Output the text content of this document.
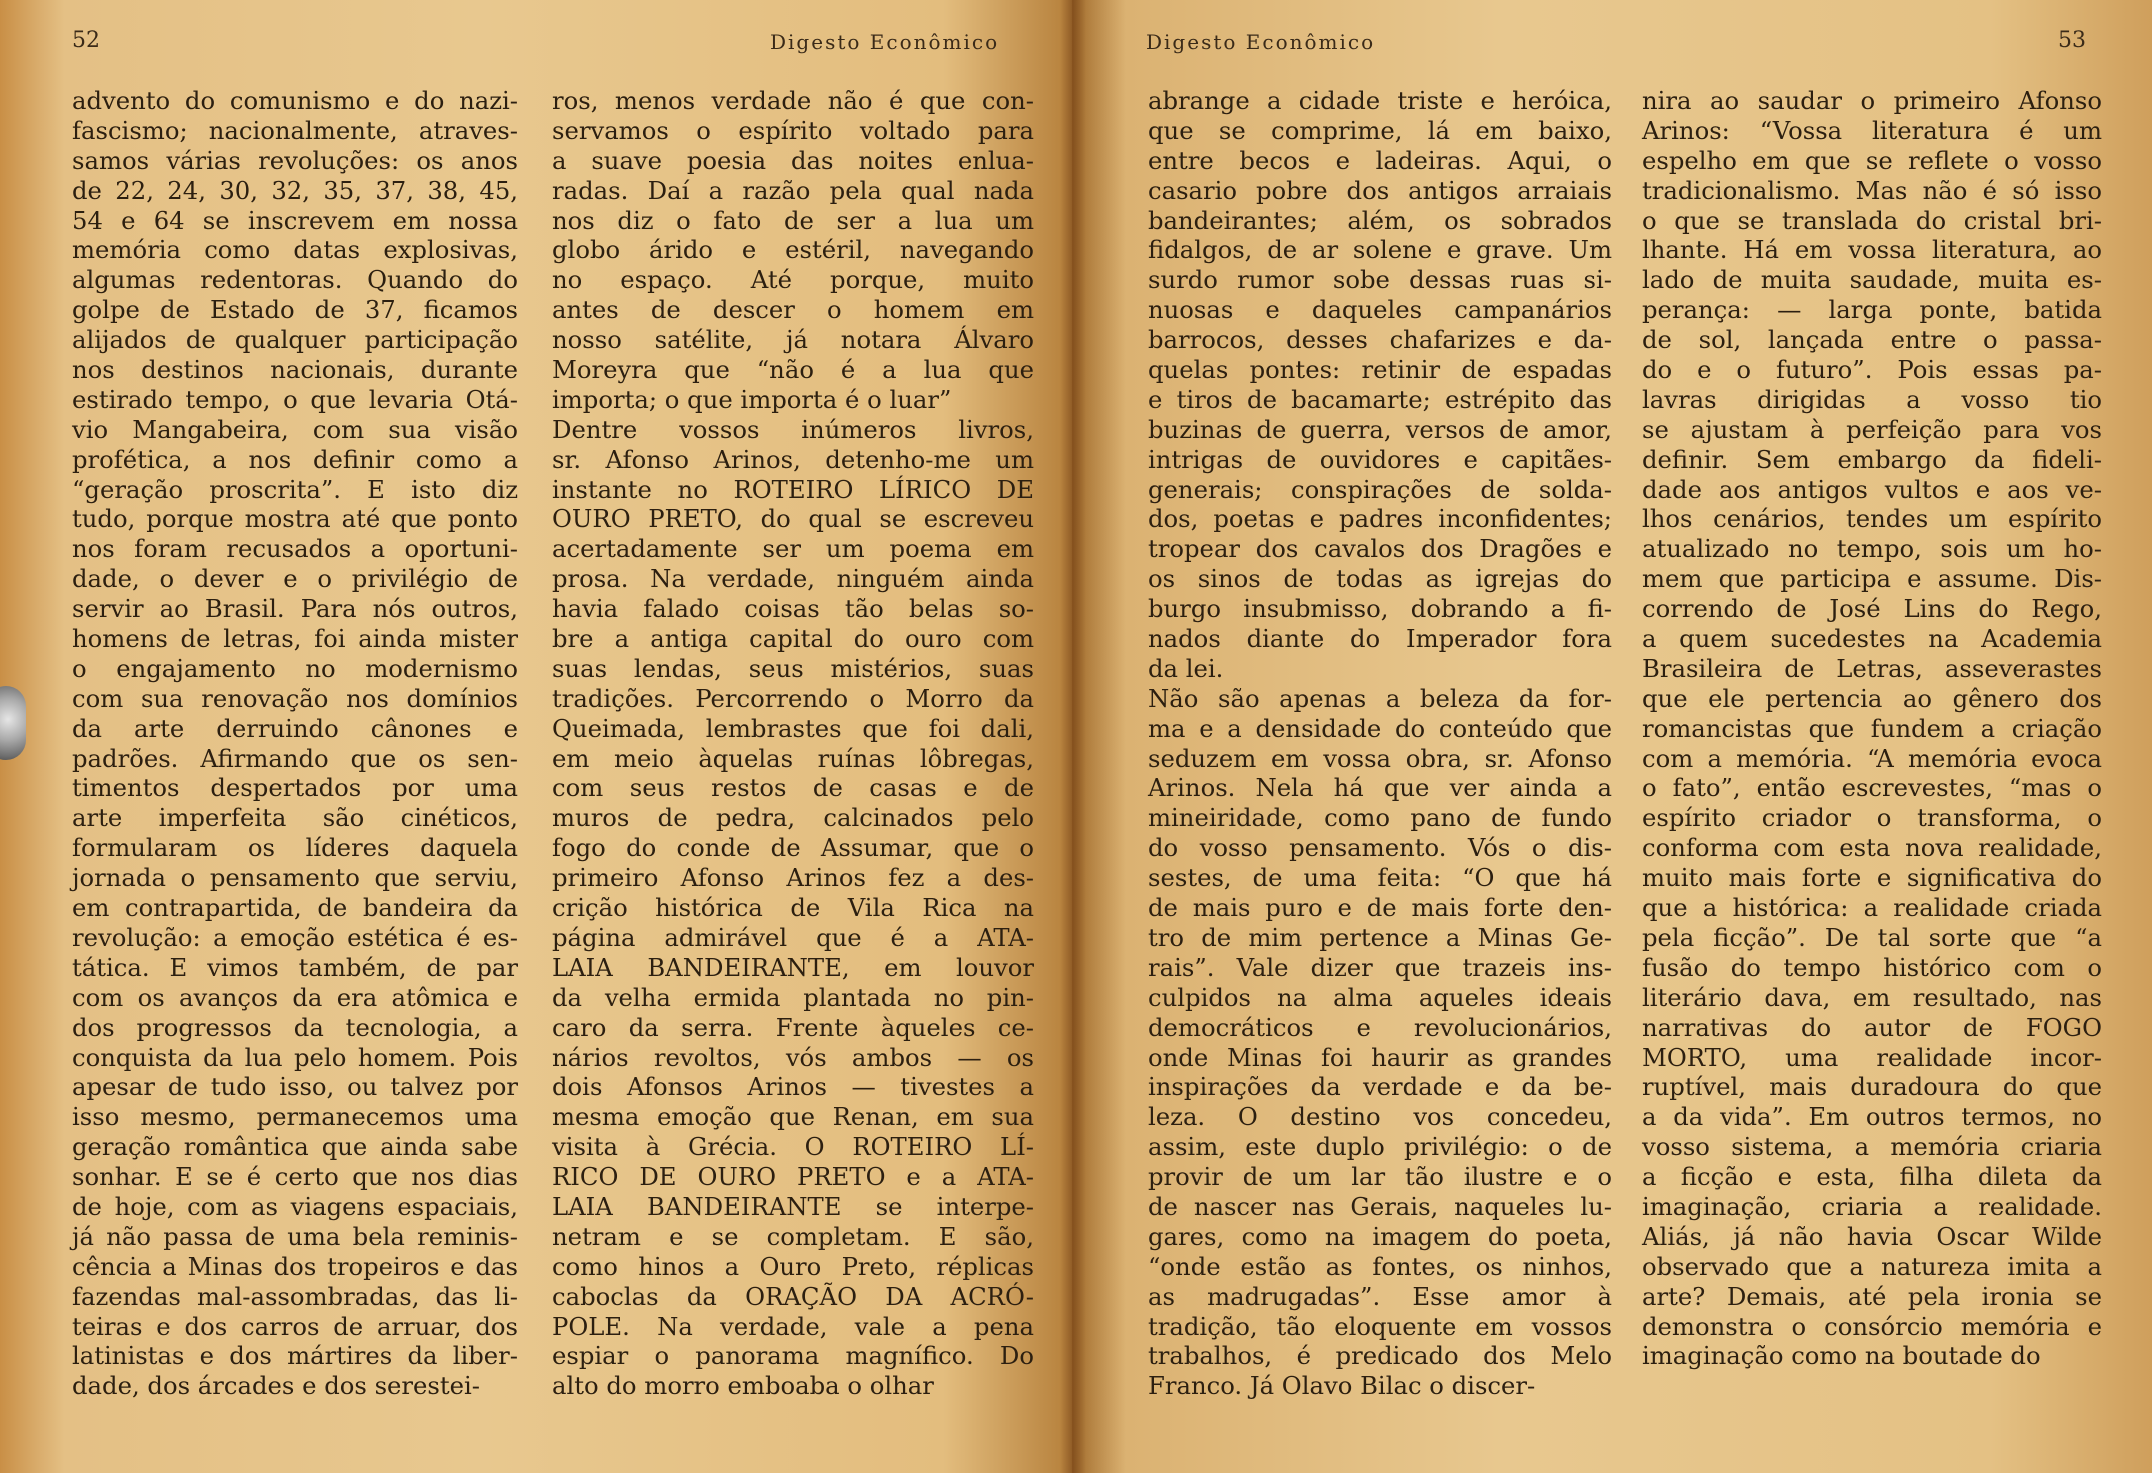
52	Digesto Econômico	Digesto Econômico	53
advento do comunismo e do nazi-
fascismo; nacionalmente, atraves-
samos várias revoluções: os anos
de 22, 24, 30, 32, 35, 37, 38, 45,
54 e 64 se inscrevem em nossa
memória como datas explosivas,
algumas redentoras. Quando do
golpe de Estado de 37, ficamos
alijados de qualquer participação
nos destinos nacionais, durante
estirado tempo, o que levaria Otá-
vio Mangabeira, com sua visão
profética, a nos definir como a
“geração proscrita”. E isto diz
tudo, porque mostra até que ponto
nos foram recusados a oportuni-
dade, o dever e o privilégio de
servir ao Brasil. Para nós outros,
homens de letras, foi ainda mister
o engajamento no modernismo
com sua renovação nos domínios
da arte derruindo cânones e
padrões. Afirmando que os sen-
timentos despertados por uma
arte imperfeita são cinéticos,
formularam os líderes daquela
jornada o pensamento que serviu,
em contrapartida, de bandeira da
revolução: a emoção estética é es-
tática. E vimos também, de par
com os avanços da era atômica e
dos progressos da tecnologia, a
conquista da lua pelo homem. Pois
apesar de tudo isso, ou talvez por
isso mesmo, permanecemos uma
geração romântica que ainda sabe
sonhar. E se é certo que nos dias
de hoje, com as viagens espaciais,
já não passa de uma bela reminis-
cência a Minas dos tropeiros e das
fazendas mal-assombradas, das li-
teiras e dos carros de arruar, dos
latinistas e dos mártires da liber-
dade, dos árcades e dos serestei-
ros, menos verdade não é que con-
servamos o espírito voltado para
a suave poesia das noites enlua-
radas. Daí a razão pela qual nada
nos diz o fato de ser a lua um
globo árido e estéril, navegando
no espaço. Até porque, muito
antes de descer o homem em
nosso satélite, já notara Álvaro
Moreyra que “não é a lua que
importa; o que importa é o luar”
Dentre vossos inúmeros livros,
sr. Afonso Arinos, detenho-me um
instante no ROTEIRO LÍRICO DE
OURO PRETO, do qual se escreveu
acertadamente ser um poema em
prosa. Na verdade, ninguém ainda
havia falado coisas tão belas so-
bre a antiga capital do ouro com
suas lendas, seus mistérios, suas
tradições. Percorrendo o Morro da
Queimada, lembrastes que foi dali,
em meio àquelas ruínas lôbregas,
com seus restos de casas e de
muros de pedra, calcinados pelo
fogo do conde de Assumar, que o
primeiro Afonso Arinos fez a des-
crição histórica de Vila Rica na
página admirável que é a ATA-
LAIA BANDEIRANTE, em louvor
da velha ermida plantada no pin-
caro da serra. Frente àqueles ce-
nários revoltos, vós ambos — os
dois Afonsos Arinos — tivestes a
mesma emoção que Renan, em sua
visita à Grécia. O ROTEIRO LÍ-
RICO DE OURO PRETO e a ATA-
LAIA BANDEIRANTE se interpe-
netram e se completam. E são,
como hinos a Ouro Preto, réplicas
caboclas da ORAÇÃO DA ACRÓ-
POLE. Na verdade, vale a pena
espiar o panorama magnífico. Do
alto do morro emboaba o olhar
abrange a cidade triste e heróica,
que se comprime, lá em baixo,
entre becos e ladeiras. Aqui, o
casario pobre dos antigos arraiais
bandeirantes; além, os sobrados
fidalgos, de ar solene e grave. Um
surdo rumor sobe dessas ruas si-
nuosas e daqueles campanários
barrocos, desses chafarizes e da-
quelas pontes: retinir de espadas
e tiros de bacamarte; estrépito das
buzinas de guerra, versos de amor,
intrigas de ouvidores e capitães-
generais; conspirações de solda-
dos, poetas e padres inconfidentes;
tropear dos cavalos dos Dragões e
os sinos de todas as igrejas do
burgo insubmisso, dobrando a fi-
nados diante do Imperador fora
da lei.
Não são apenas a beleza da for-
ma e a densidade do conteúdo que
seduzem em vossa obra, sr. Afonso
Arinos. Nela há que ver ainda a
mineiridade, como pano de fundo
do vosso pensamento. Vós o dis-
sestes, de uma feita: “O que há
de mais puro e de mais forte den-
tro de mim pertence a Minas Ge-
rais”. Vale dizer que trazeis ins-
culpidos na alma aqueles ideais
democráticos e revolucionários,
onde Minas foi haurir as grandes
inspirações da verdade e da be-
leza. O destino vos concedeu,
assim, este duplo privilégio: o de
provir de um lar tão ilustre e o
de nascer nas Gerais, naqueles lu-
gares, como na imagem do poeta,
“onde estão as fontes, os ninhos,
as madrugadas”. Esse amor à
tradição, tão eloquente em vossos
trabalhos, é predicado dos Melo
Franco. Já Olavo Bilac o discer-
nira ao saudar o primeiro Afonso
Arinos: “Vossa literatura é um
espelho em que se reflete o vosso
tradicionalismo. Mas não é só isso
o que se translada do cristal bri-
lhante. Há em vossa literatura, ao
lado de muita saudade, muita es-
perança: — larga ponte, batida
de sol, lançada entre o passa-
do e o futuro”. Pois essas pa-
lavras dirigidas a vosso tio
se ajustam à perfeição para vos
definir. Sem embargo da fideli-
dade aos antigos vultos e aos ve-
lhos cenários, tendes um espírito
atualizado no tempo, sois um ho-
mem que participa e assume. Dis-
correndo de José Lins do Rego,
a quem sucedestes na Academia
Brasileira de Letras, asseverastes
que ele pertencia ao gênero dos
romancistas que fundem a criação
com a memória. “A memória evoca
o fato”, então escrevestes, “mas o
espírito criador o transforma, o
conforma com esta nova realidade,
muito mais forte e significativa do
que a histórica: a realidade criada
pela ficção”. De tal sorte que “a
fusão do tempo histórico com o
literário dava, em resultado, nas
narrativas do autor de FOGO
MORTO, uma realidade incor-
ruptível, mais duradoura do que
a da vida”. Em outros termos, no
vosso sistema, a memória criaria
a ficção e esta, filha dileta da
imaginação, criaria a realidade.
Aliás, já não havia Oscar Wilde
observado que a natureza imita a
arte? Demais, até pela ironia se
demonstra o consórcio memória e
imaginação como na boutade do
